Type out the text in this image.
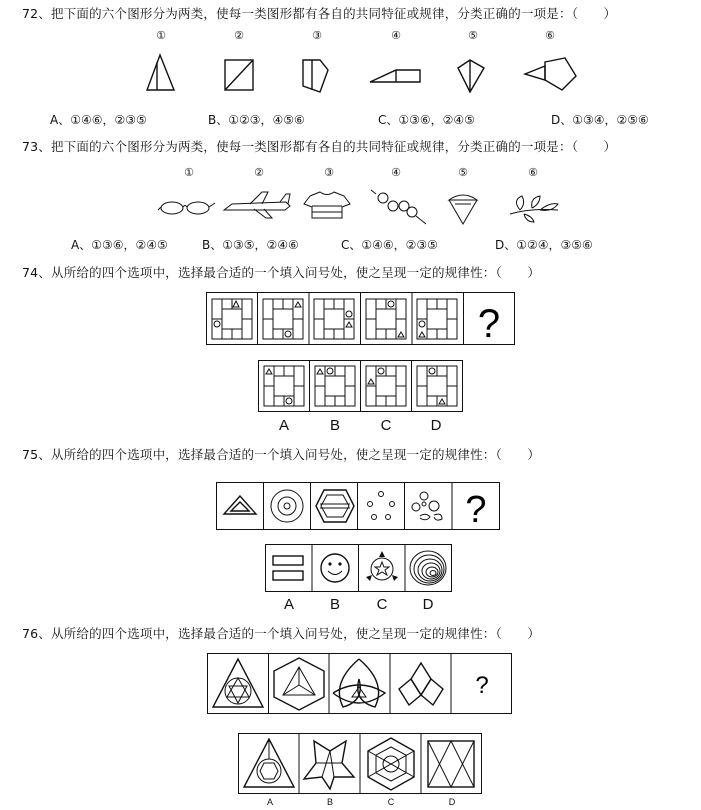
72、把下面的六个图形分为两类，使每一类图形都有各自的共同特征或规律，分类正确的一项是：（　　）
①	②	③	④	⑤	⑥
A、①④⑥，②③⑤	B、①②③，④⑤⑥	C、①③⑥，②④⑤	D、①③④，②⑤⑥
73、把下面的六个图形分为两类，使每一类图形都有各自的共同特征或规律，分类正确的一项是：（　　）
①	②	③	④	⑤	⑥
A、①③⑥，②④⑤	B、①③⑤，②④⑥	C、①④⑥，②③⑤	D、①②④，③⑤⑥
74、从所给的四个选项中，选择最合适的一个填入问号处，使之呈现一定的规律性：（　　）
?
A	B	C	D
75、从所给的四个选项中，选择最合适的一个填入问号处，使之呈现一定的规律性：（　　）
?
A	B	C	D
76、从所给的四个选项中，选择最合适的一个填入问号处，使之呈现一定的规律性：（　　）
?
A	B	C	D
